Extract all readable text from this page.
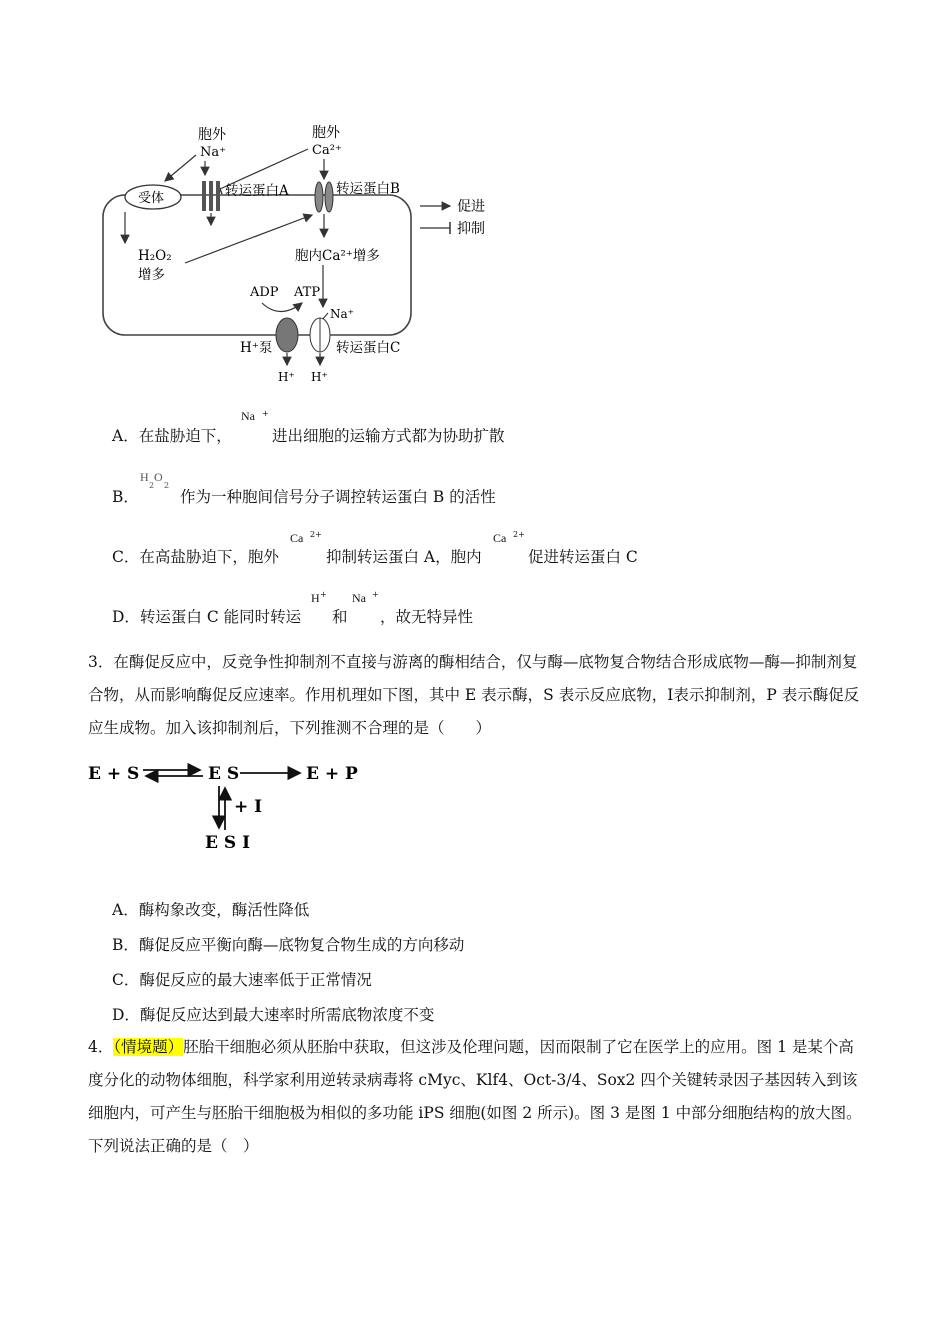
胞外
Na⁺
胞外
Ca²⁺
受体	转运蛋白A	转运蛋白B
H₂O₂
增多
胞内Ca²⁺增多
促进
抑制
ADP ATP
Na⁺
H⁺泵	转运蛋白C
H⁺ H⁺
A．在盐胁迫下，
Na +
进出细胞的运输方式都为协助扩散
B．
H
2
O
2
作为一种胞间信号分子调控转运蛋白 B 的活性
C．在高盐胁迫下，胞外
Ca 2+
抑制转运蛋白 A，胞内
Ca 2+
促进转运蛋白 C
D．转运蛋白 C 能同时转运
H +
和
Na +
，故无特异性
3．在酶促反应中，反竞争性抑制剂不直接与游离的酶相结合，仅与酶—底物复合物结合形成底物—酶—抑制剂复合物，从而影响酶促反应速率。作用机理如下图，其中 E 表示酶，S 表示反应底物，Ⅰ表示抑制剂，P 表示酶促反应生成物。加入该抑制剂后，下列推测不合理的是（　　）
E + S	E S	E + P
+ I
E S I
A．酶构象改变，酶活性降低
B．酶促反应平衡向酶—底物复合物生成的方向移动
C．酶促反应的最大速率低于正常情况
D．酶促反应达到最大速率时所需底物浓度不变
4．（情境题）胚胎干细胞必须从胚胎中获取，但这涉及伦理问题，因而限制了它在医学上的应用。图 1 是某个高度分化的动物体细胞，科学家利用逆转录病毒将 cMyc、Klf4、Oct-3/4、Sox2 四个关键转录因子基因转入到该细胞内，可产生与胚胎干细胞极为相似的多功能 iPS 细胞(如图 2 所示)。图 3 是图 1 中部分细胞结构的放大图。下列说法正确的是（　）
